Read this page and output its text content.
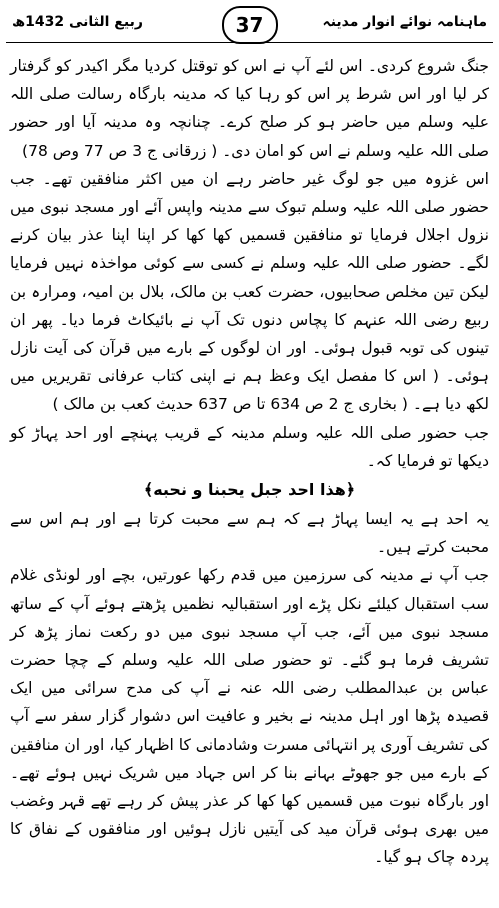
ماہنامہ نوائے انوار مدینہ
37
ربیع الثانی 1432ھ

جنگ شروع کردی۔ اس لئے آپ نے اس کو توقتل کردیا مگر اکیدر کو گرفتار کر لیا اور اس شرط پر اس کو رہا کیا کہ مدینہ بارگاہ رسالت صلی اللہ علیہ وسلم میں حاضر ہو کر صلح کرے۔ چنانچہ وہ مدینہ آیا اور حضور صلی اللہ علیہ وسلم نے اس کو امان دی۔ ( زرقانی ج 3 ص 77 وص 78)

اس غزوہ میں جو لوگ غیر حاضر رہے ان میں اکثر منافقین تھے۔ جب حضور صلی اللہ علیہ وسلم تبوک سے مدینہ واپس آئے اور مسجد نبوی میں نزول اجلال فرمایا تو منافقین قسمیں کھا کھا کر اپنا اپنا عذر بیان کرنے لگے۔ حضور صلی اللہ علیہ وسلم نے کسی سے کوئی مواخذہ نہیں فرمایا لیکن تین مخلص صحابیوں، حضرت کعب بن مالک، بلال بن امیہ، ومرارہ بن ربیع رضی اللہ عنہم کا پچاس دنوں تک آپ نے بائیکاٹ فرما دیا۔ پھر ان تینوں کی توبہ قبول ہوئی۔ اور ان لوگوں کے بارے میں قرآن کی آیت نازل ہوئی۔ ( اس کا مفصل ایک وعظ ہم نے اپنی کتاب عرفانی تقریریں میں لکھ دیا ہے۔ ( بخاری ج 2 ص 634 تا ص 637 حدیث کعب بن مالک )

جب حضور صلی اللہ علیہ وسلم مدینہ کے قریب پہنچے اور احد پہاڑ کو دیکھا تو فرمایا کہ۔

﴿هذا احد جبل يحبنا و نحبه﴾

یہ احد ہے یہ ایسا پہاڑ ہے کہ ہم سے محبت کرتا ہے اور ہم اس سے محبت کرتے ہیں۔

جب آپ نے مدینہ کی سرزمین میں قدم رکھا عورتیں، بچے اور لونڈی غلام سب استقبال کیلئے نکل پڑے اور استقبالیہ نظمیں پڑھتے ہوئے آپ کے ساتھ مسجد نبوی میں آئے، جب آپ مسجد نبوی میں دو رکعت نماز پڑھ کر تشریف فرما ہو گئے۔ تو حضور صلی اللہ علیہ وسلم کے چچا حضرت عباس بن عبدالمطلب رضی اللہ عنہ نے آپ کی مدح سرائی میں ایک قصیدہ پڑھا اور اہل مدینہ نے بخیر و عافیت اس دشوار گزار سفر سے آپ کی تشریف آوری پر انتہائی مسرت وشادمانی کا اظہار کیا، اور ان منافقین کے بارے میں جو جھوٹے بہانے بنا کر اس جہاد میں شریک نہیں ہوئے تھے۔ اور بارگاہ نبوت میں قسمیں کھا کھا کر عذر پیش کر رہے تھے قہر وغضب میں بھری ہوئی قرآن مید کی آیتیں نازل ہوئیں اور منافقوں کے نفاق کا پردہ چاک ہو گیا۔
